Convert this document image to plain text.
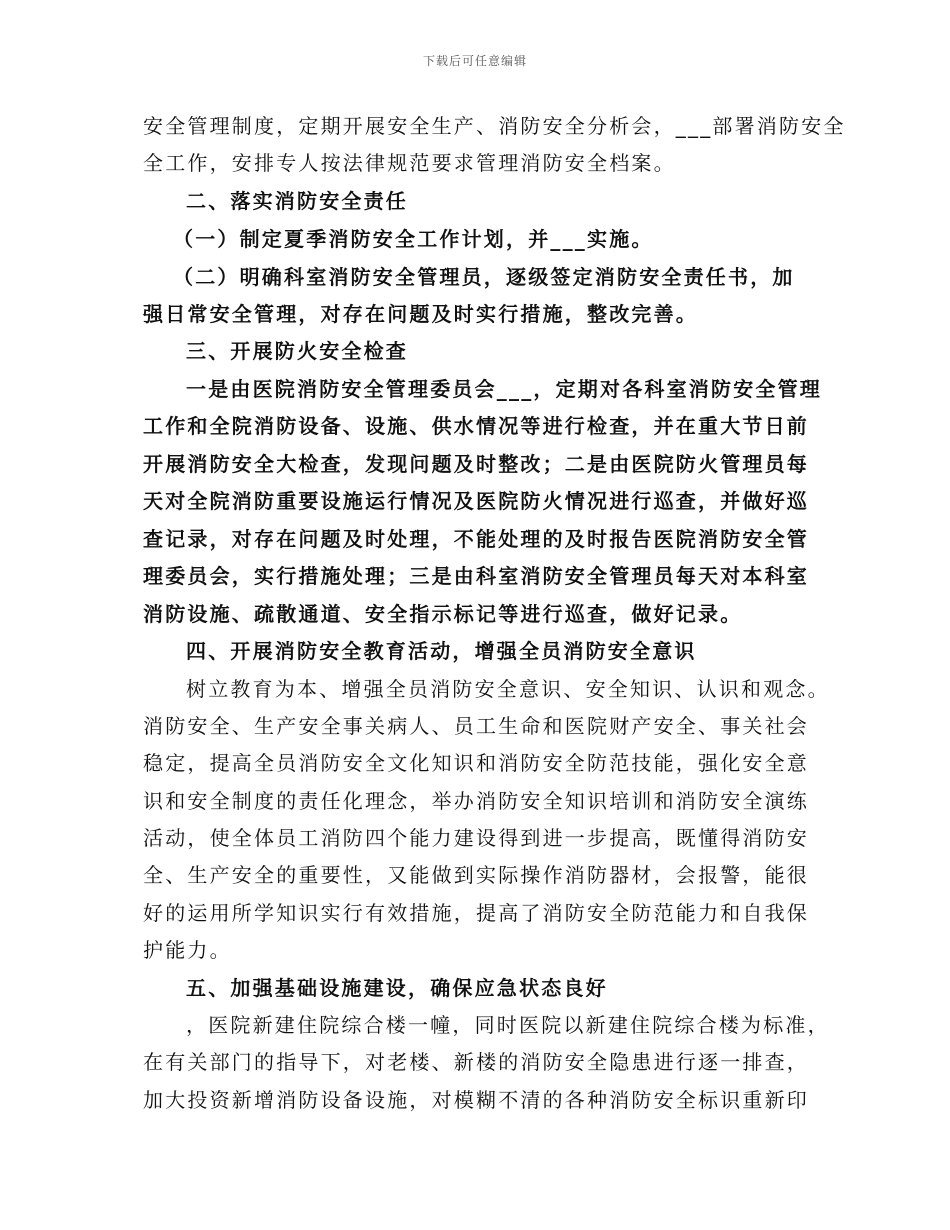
下载后可任意编辑
安全管理制度，定期开展安全生产、消防安全分析会，___部署消防安全
全工作，安排专人按法律规范要求管理消防安全档案。
二、落实消防安全责任
（一）制定夏季消防安全工作计划，并___实施。
（二）明确科室消防安全管理员，逐级签定消防安全责任书，加
强日常安全管理，对存在问题及时实行措施，整改完善。
三、开展防火安全检查
一是由医院消防安全管理委员会___，定期对各科室消防安全管理
工作和全院消防设备、设施、供水情况等进行检查，并在重大节日前
开展消防安全大检查，发现问题及时整改；二是由医院防火管理员每
天对全院消防重要设施运行情况及医院防火情况进行巡查，并做好巡
查记录，对存在问题及时处理，不能处理的及时报告医院消防安全管
理委员会，实行措施处理；三是由科室消防安全管理员每天对本科室
消防设施、疏散通道、安全指示标记等进行巡查，做好记录。
四、开展消防安全教育活动，增强全员消防安全意识
树立教育为本、增强全员消防安全意识、安全知识、认识和观念。
消防安全、生产安全事关病人、员工生命和医院财产安全、事关社会
稳定，提高全员消防安全文化知识和消防安全防范技能，强化安全意
识和安全制度的责任化理念，举办消防安全知识培训和消防安全演练
活动，使全体员工消防四个能力建设得到进一步提高，既懂得消防安
全、生产安全的重要性，又能做到实际操作消防器材，会报警，能很
好的运用所学知识实行有效措施，提高了消防安全防范能力和自我保
护能力。
五、加强基础设施建设，确保应急状态良好
，医院新建住院综合楼一幢，同时医院以新建住院综合楼为标准，
在有关部门的指导下，对老楼、新楼的消防安全隐患进行逐一排查，
加大投资新增消防设备设施，对模糊不清的各种消防安全标识重新印
